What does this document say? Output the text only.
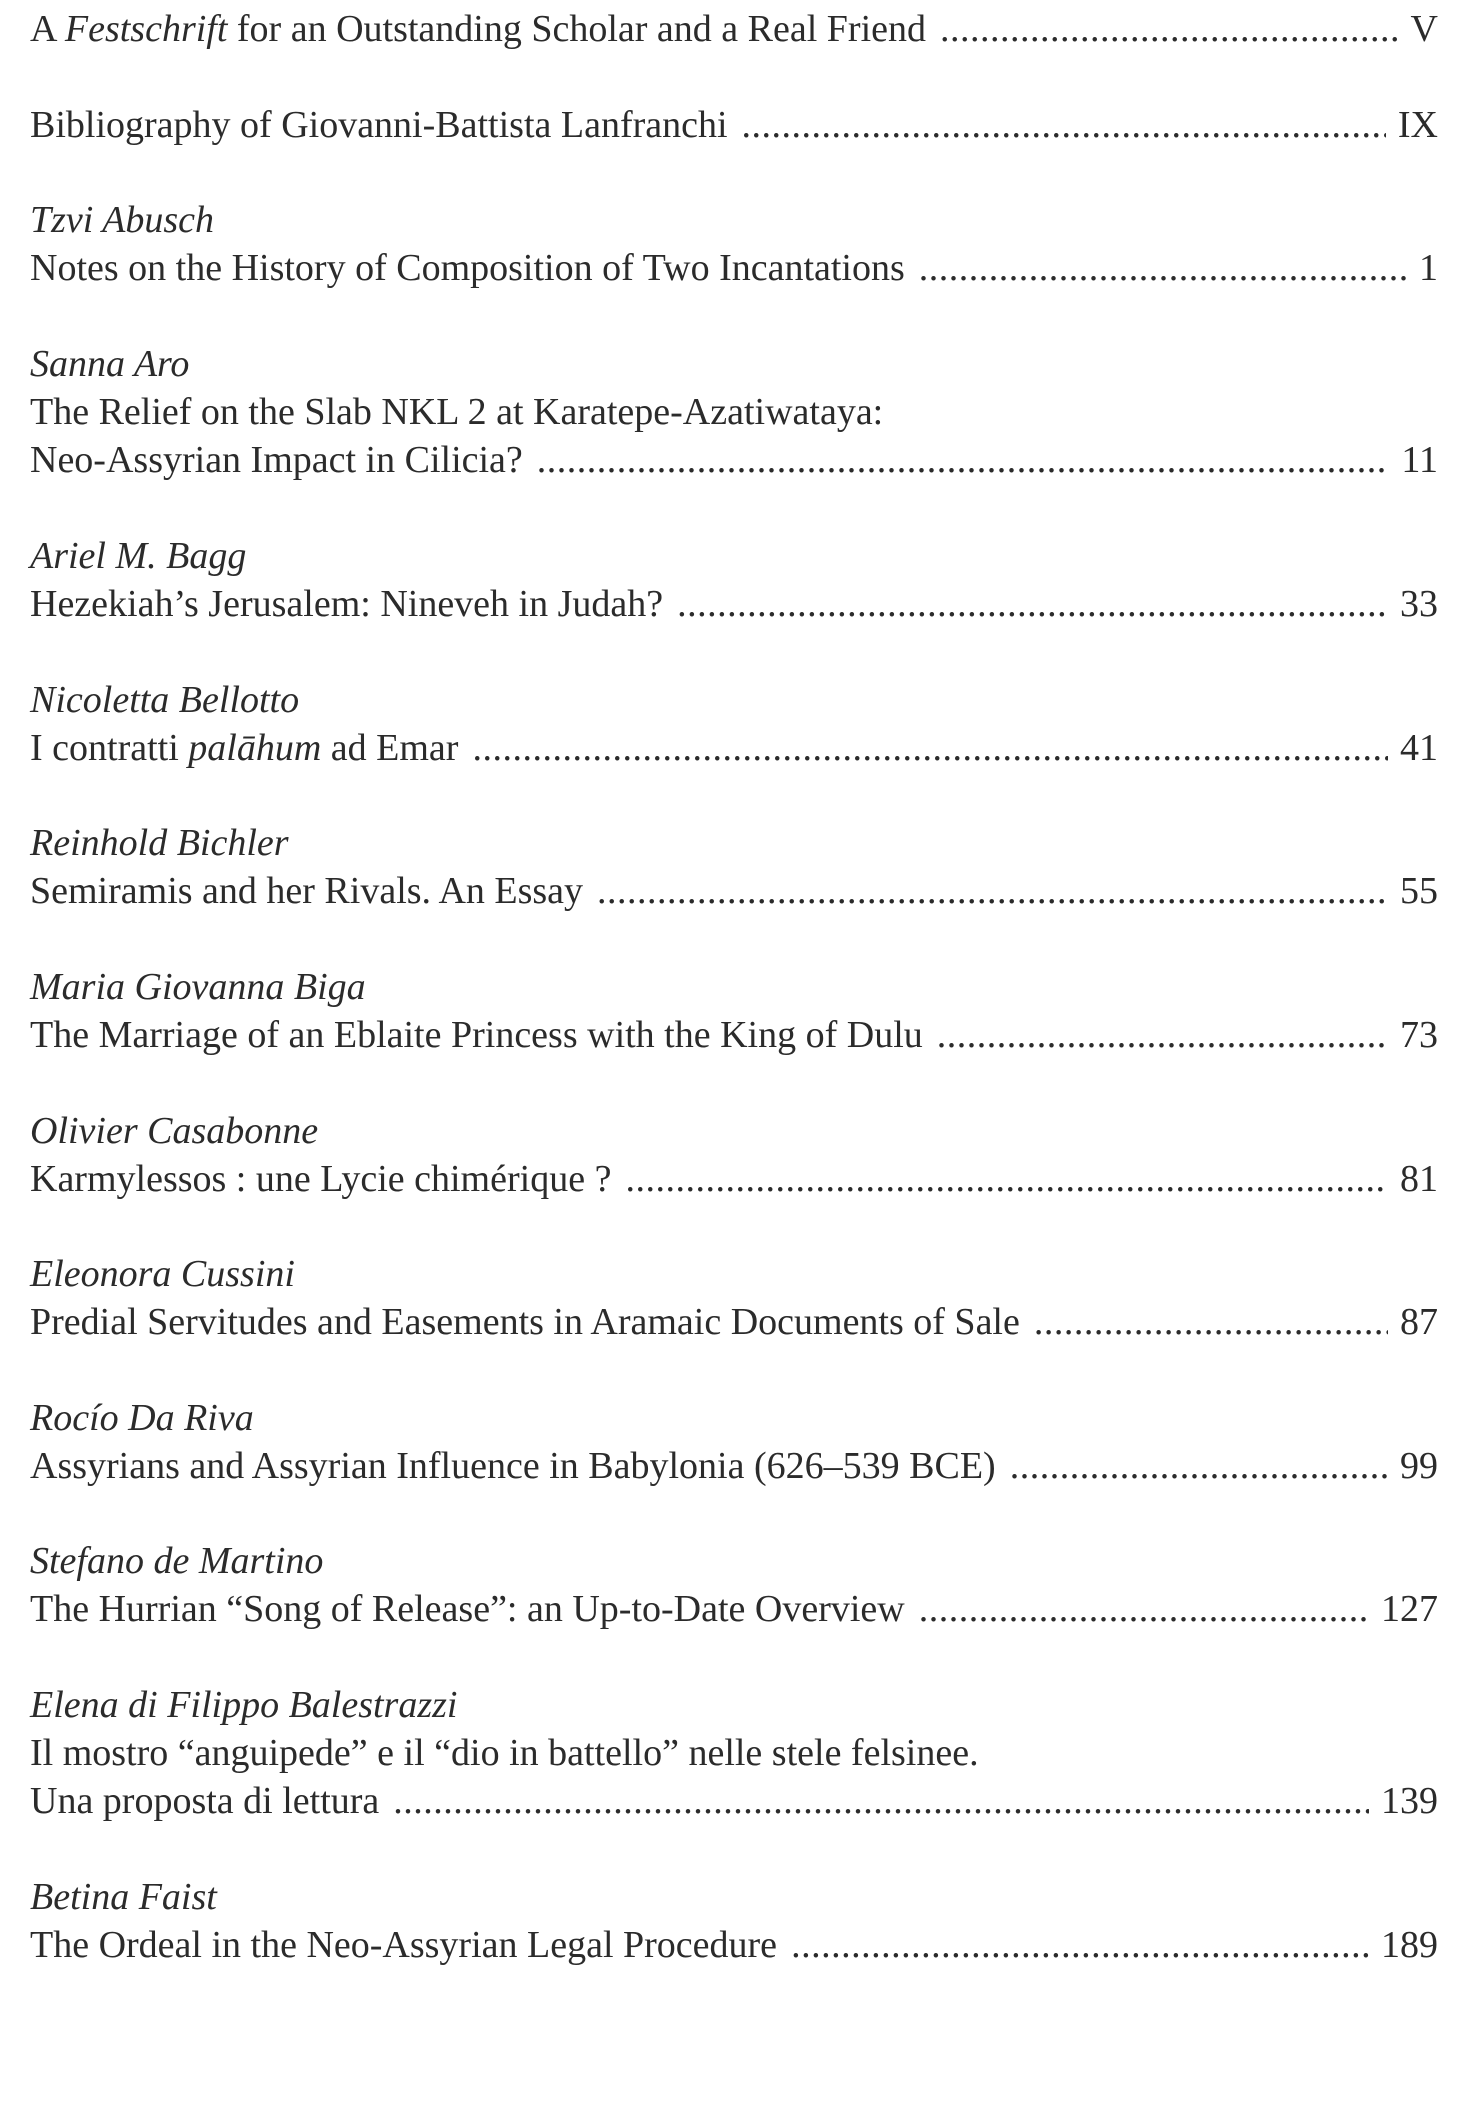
A Festschrift for an Outstanding Scholar and a Real Friend .....	V
Bibliography of Giovanni-Battista Lanfranchi .....	IX
Tzvi Abusch
Notes on the History of Composition of Two Incantations .....	1
Sanna Aro
The Relief on the Slab NKL 2 at Karatepe-Azatiwataya:
Neo-Assyrian Impact in Cilicia? .....	11
Ariel M. Bagg
Hezekiah’s Jerusalem: Nineveh in Judah? .....	33
Nicoletta Bellotto
I contratti palāhum ad Emar .....	41
Reinhold Bichler
Semiramis and her Rivals. An Essay .....	55
Maria Giovanna Biga
The Marriage of an Eblaite Princess with the King of Dulu .....	73
Olivier Casabonne
Karmylessos : une Lycie chimérique ? .....	81
Eleonora Cussini
Predial Servitudes and Easements in Aramaic Documents of Sale .....	87
Rocío Da Riva
Assyrians and Assyrian Influence in Babylonia (626–539 BCE) .....	99
Stefano de Martino
The Hurrian “Song of Release”: an Up-to-Date Overview .....	127
Elena di Filippo Balestrazzi
Il mostro “anguipede” e il “dio in battello” nelle stele felsinee.
Una proposta di lettura .....	139
Betina Faist
The Ordeal in the Neo-Assyrian Legal Procedure .....	189
